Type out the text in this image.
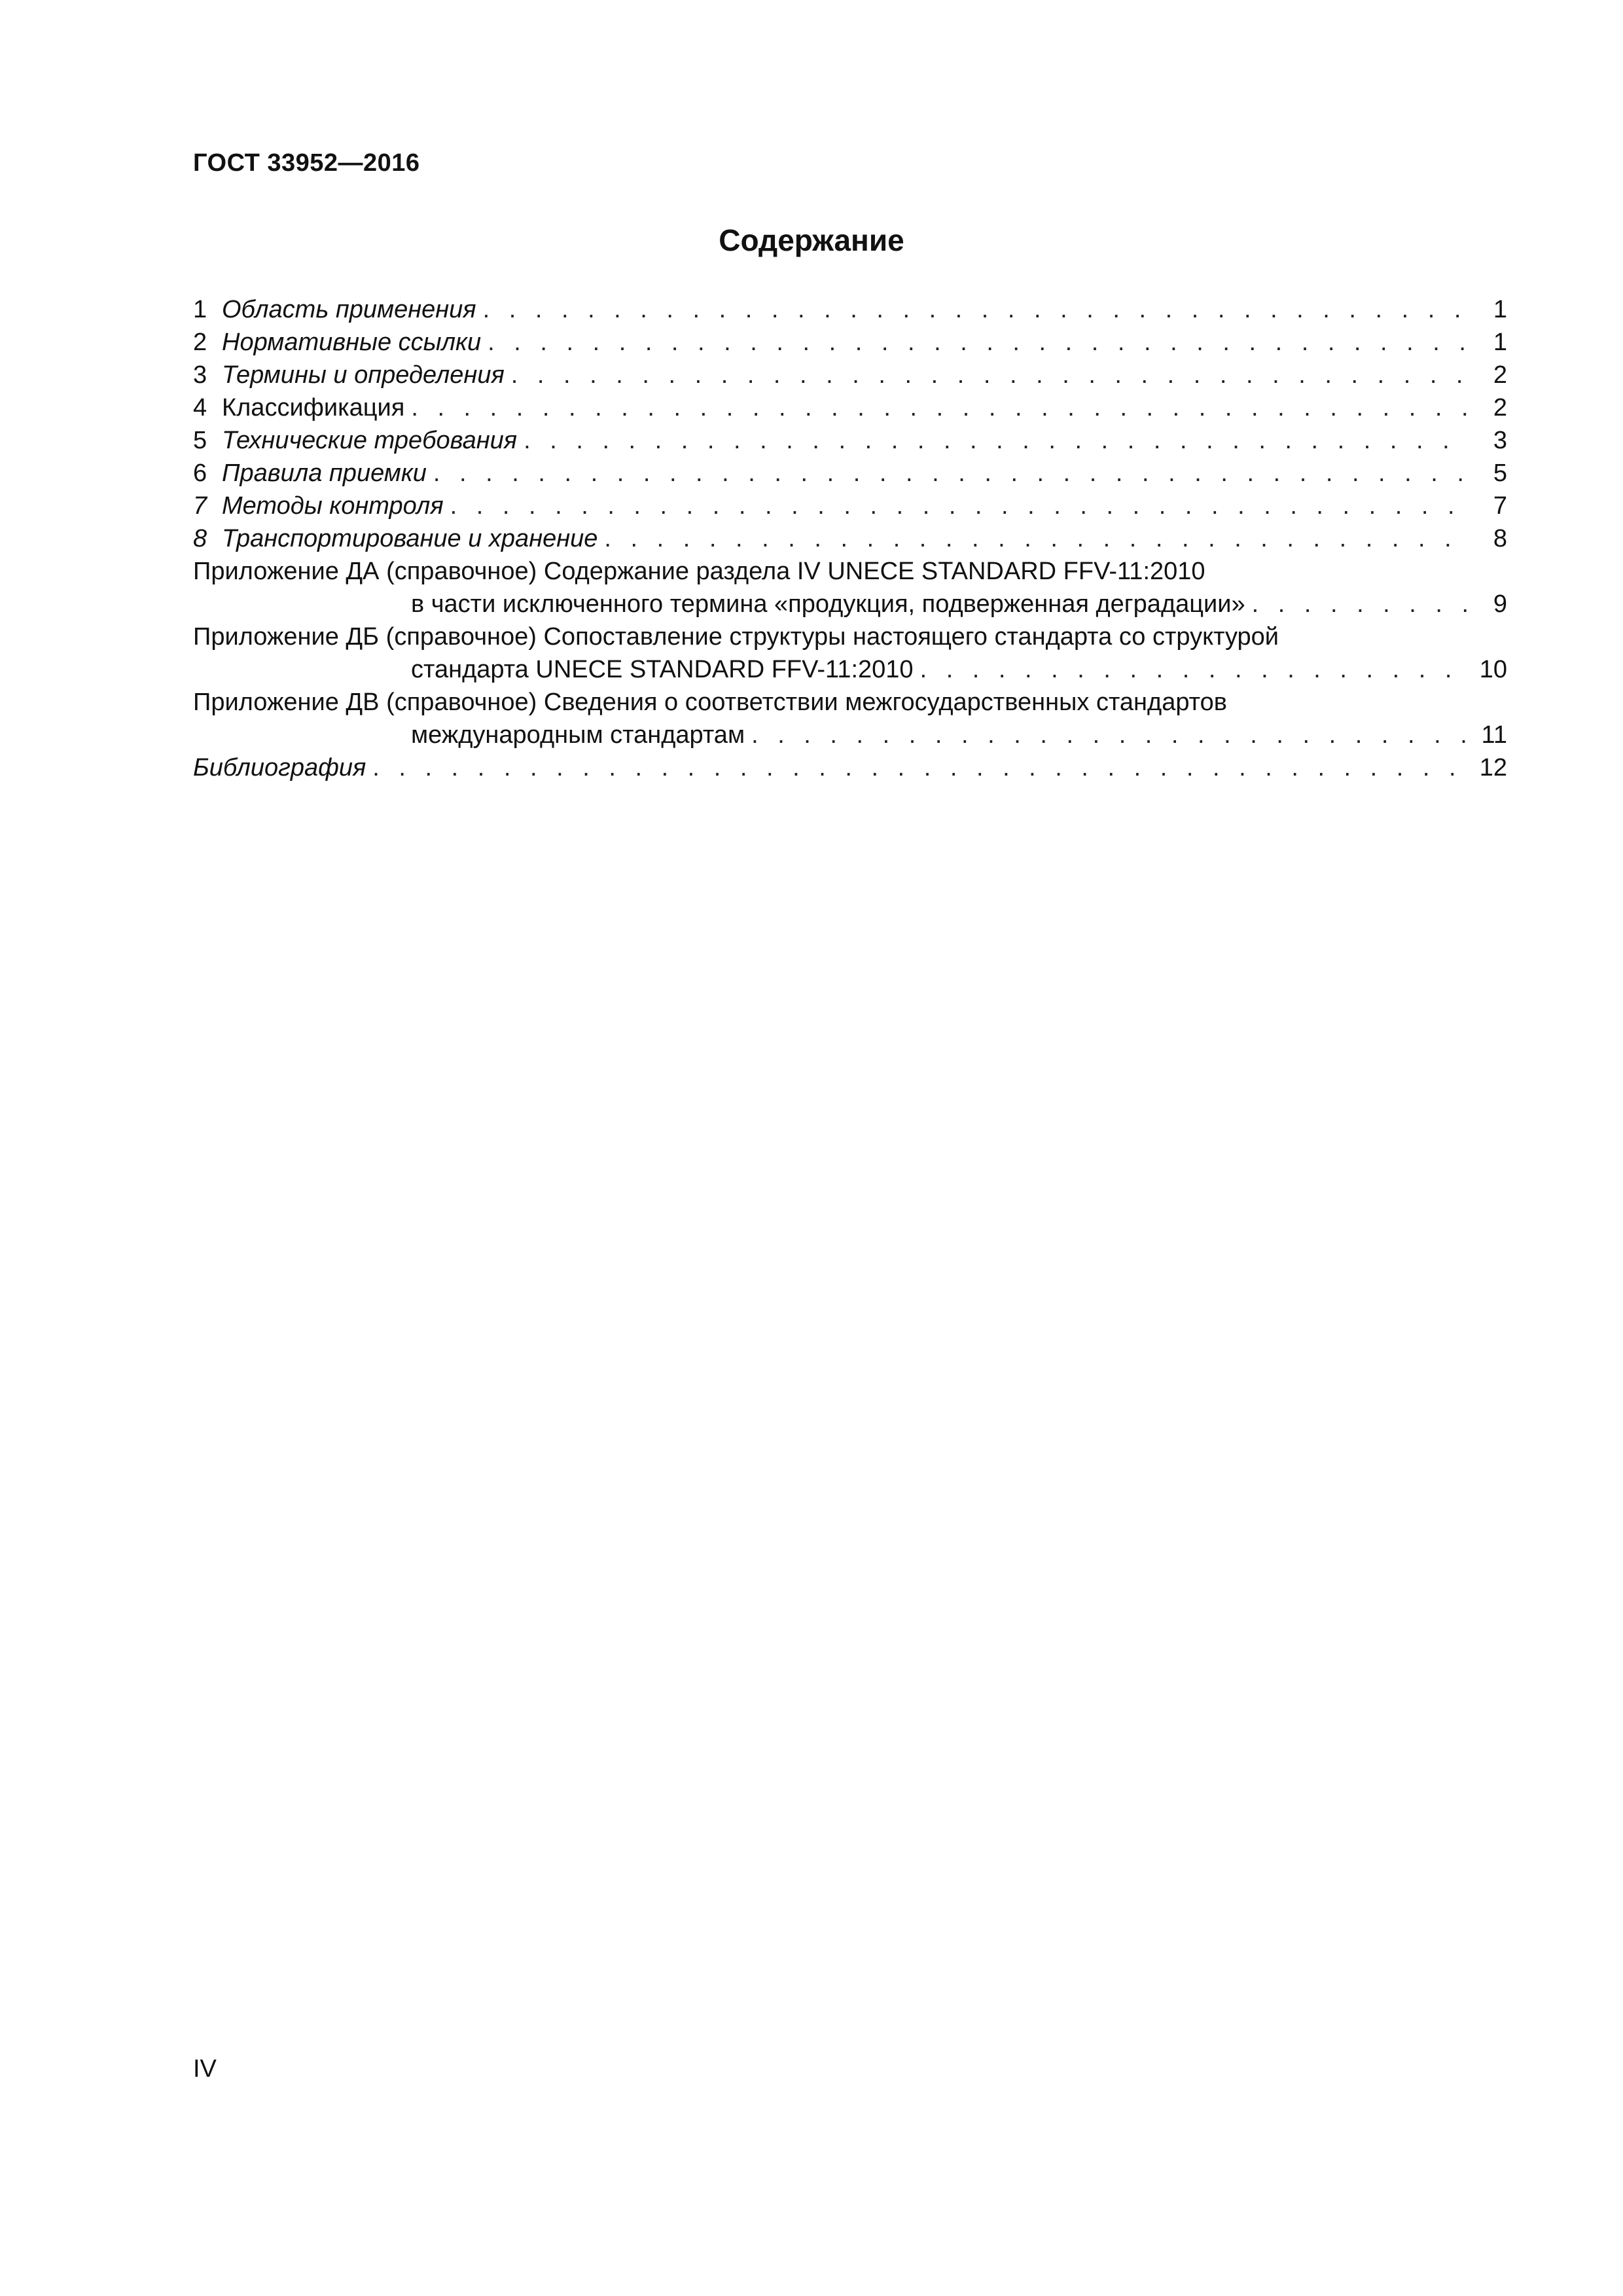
ГОСТ 33952—2016
Содержание
1 Область применения . . .	1
2 Нормативные ссылки . . .	1
3 Термины и определения . . .	2
4 Классификация . . .	2
5 Технические требования . . .	3
6 Правила приемки . . .	5
7 Методы контроля . . .	7
8 Транспортирование и хранение . . .	8
Приложение ДА (справочное) Содержание раздела IV UNECE STANDARD FFV-11:2010
в части исключенного термина «продукция, подверженная деградации» . . .	9
Приложение ДБ (справочное) Сопоставление структуры настоящего стандарта со структурой
стандарта UNECE STANDARD FFV-11:2010 . . .	10
Приложение ДВ (справочное) Сведения о соответствии межгосударственных стандартов
международным стандартам . . .	11
Библиография . . .	12
IV
